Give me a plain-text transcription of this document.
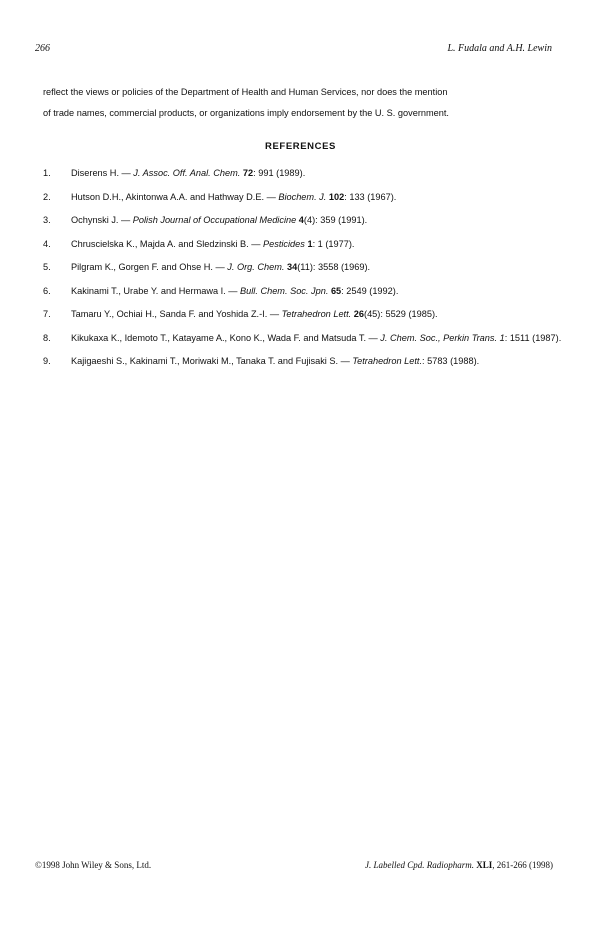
266	L. Fudala and A.H. Lewin

reflect the views or policies of the Department of Health and Human Services, nor does the mention

of trade names, commercial products, or organizations imply endorsement by the U. S. government.

REFERENCES
1. Diserens H. — J. Assoc. Off. Anal. Chem. 72: 991 (1989).
2. Hutson D.H., Akintonwa A.A. and Hathway D.E. — Biochem. J. 102: 133 (1967).
3. Ochynski J. — Polish Journal of Occupational Medicine 4(4): 359 (1991).
4. Chruscielska K., Majda A. and Sledzinski B. — Pesticides 1: 1 (1977).
5. Pilgram K., Gorgen F. and Ohse H. — J. Org. Chem. 34(11): 3558 (1969).
6. Kakinami T., Urabe Y. and Hermawa I. — Bull. Chem. Soc. Jpn. 65: 2549 (1992).
7. Tamaru Y., Ochiai H., Sanda F. and Yoshida Z.-I. — Tetrahedron Lett. 26(45): 5529 (1985).
8. Kikukaxa K., Idemoto T., Katayame A., Kono K., Wada F. and Matsuda T. — J. Chem. Soc., Perkin Trans. 1: 1511 (1987).
9. Kajigaeshi S., Kakinami T., Moriwaki M., Tanaka T. and Fujisaki S. — Tetrahedron Lett.: 5783 (1988).
©1998 John Wiley & Sons, Ltd.	J. Labelled Cpd. Radiopharm. XLI, 261-266 (1998)
